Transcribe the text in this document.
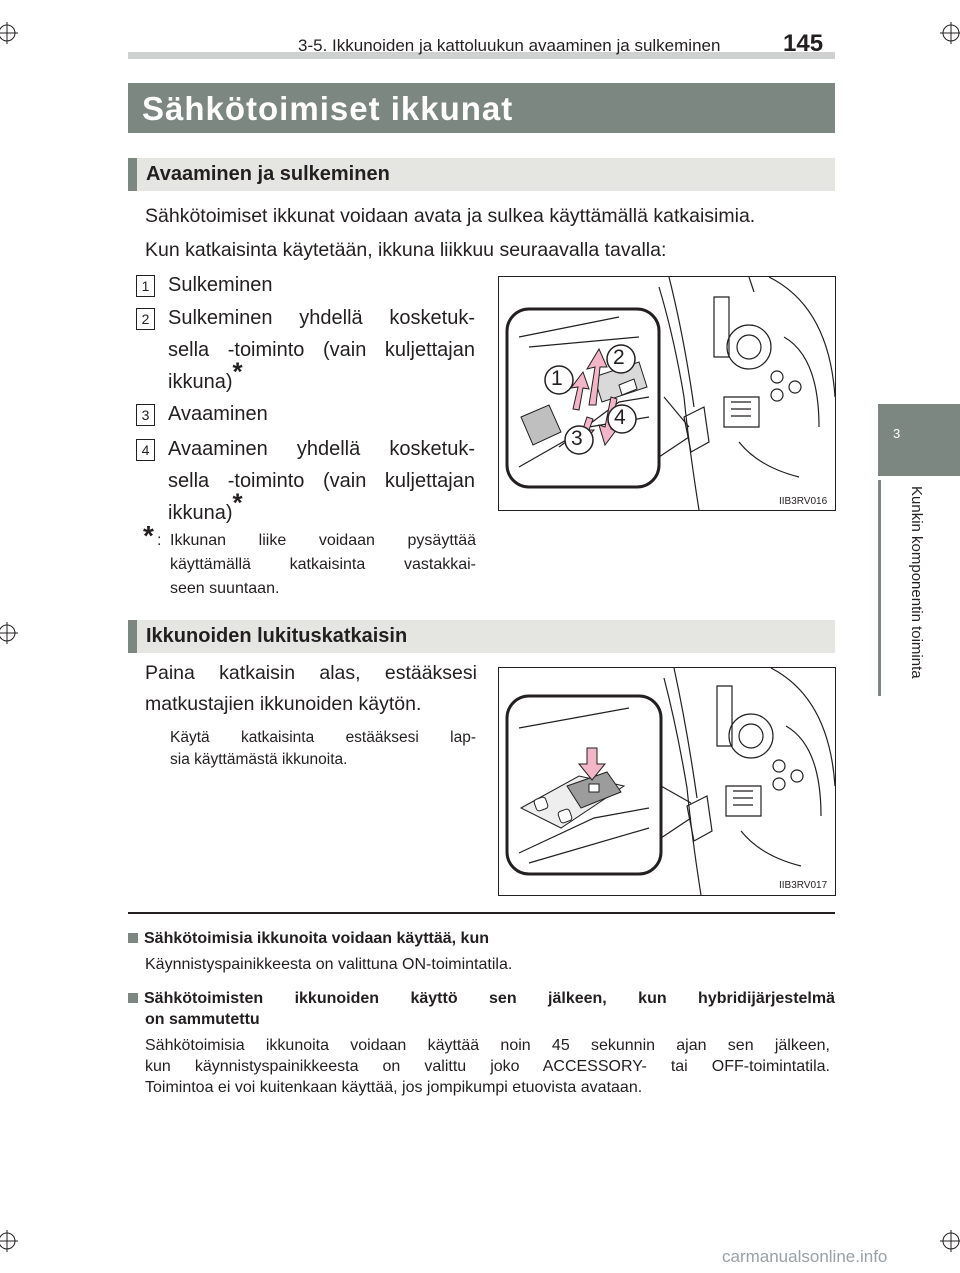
3-5. Ikkunoiden ja kattoluukun avaaminen ja sulkeminen	145
3
Kunkin komponentin toiminta
Sähkötoimiset ikkunat
Avaaminen ja sulkeminen
Sähkötoimiset ikkunat voidaan avata ja sulkea käyttämällä katkaisimia.
Kun katkaisinta käytetään, ikkuna liikkuu seuraavalla tavalla:
1 Sulkeminen
2 Sulkeminen yhdellä kosketuk-
sella -toiminto (vain kuljettajan
ikkuna)*
3 Avaaminen
4 Avaaminen yhdellä kosketuk-
sella -toiminto (vain kuljettajan
ikkuna)*
* : Ikkunan liike voidaan pysäyttää
käyttämällä katkaisinta vastakkai-
seen suuntaan.
1
2
3
4
IIB3RV016
Ikkunoiden lukituskatkaisin
Paina katkaisin alas, estääksesi
matkustajien ikkunoiden käytön.
Käytä katkaisinta estääksesi lap-
sia käyttämästä ikkunoita.
IIB3RV017
Sähkötoimisia ikkunoita voidaan käyttää, kun
Käynnistyspainikkeesta on valittuna ON-toimintatila.
Sähkötoimisten ikkunoiden käyttö sen jälkeen, kun hybridijärjestelmä
on sammutettu
Sähkötoimisia ikkunoita voidaan käyttää noin 45 sekunnin ajan sen jälkeen,
kun käynnistyspainikkeesta on valittu joko ACCESSORY- tai OFF-toimintatila.
Toimintoa ei voi kuitenkaan käyttää, jos jompikumpi etuovista avataan.
carmanualsonline.info
